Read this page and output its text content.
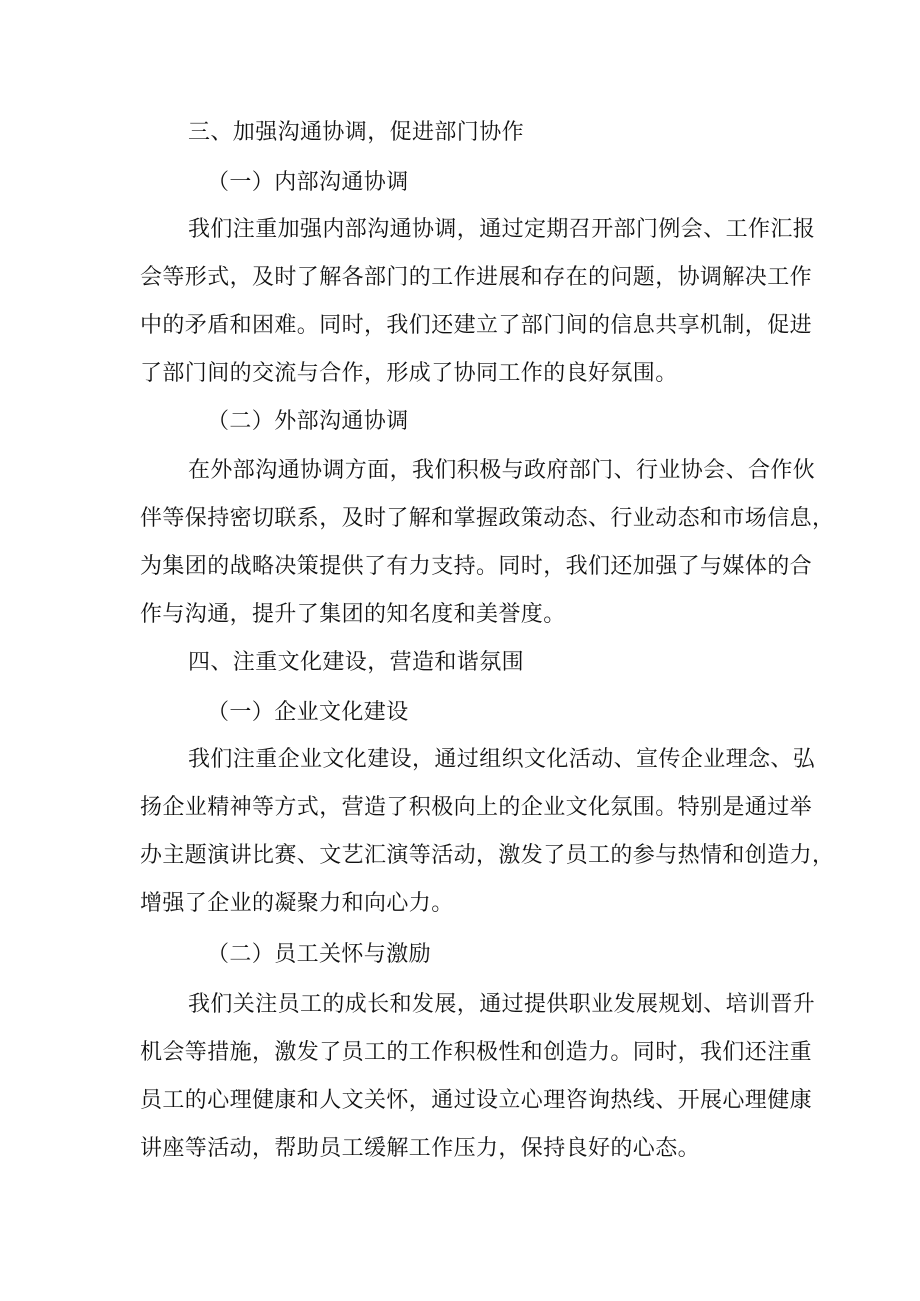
三、加强沟通协调，促进部门协作
（一）内部沟通协调
我们注重加强内部沟通协调，通过定期召开部门例会、工作汇报
会等形式，及时了解各部门的工作进展和存在的问题，协调解决工作
中的矛盾和困难。同时，我们还建立了部门间的信息共享机制，促进
了部门间的交流与合作，形成了协同工作的良好氛围。
（二）外部沟通协调
在外部沟通协调方面，我们积极与政府部门、行业协会、合作伙
伴等保持密切联系，及时了解和掌握政策动态、行业动态和市场信息，
为集团的战略决策提供了有力支持。同时，我们还加强了与媒体的合
作与沟通，提升了集团的知名度和美誉度。
四、注重文化建设，营造和谐氛围
（一）企业文化建设
我们注重企业文化建设，通过组织文化活动、宣传企业理念、弘
扬企业精神等方式，营造了积极向上的企业文化氛围。特别是通过举
办主题演讲比赛、文艺汇演等活动，激发了员工的参与热情和创造力，
增强了企业的凝聚力和向心力。
（二）员工关怀与激励
我们关注员工的成长和发展，通过提供职业发展规划、培训晋升
机会等措施，激发了员工的工作积极性和创造力。同时，我们还注重
员工的心理健康和人文关怀，通过设立心理咨询热线、开展心理健康
讲座等活动，帮助员工缓解工作压力，保持良好的心态。
